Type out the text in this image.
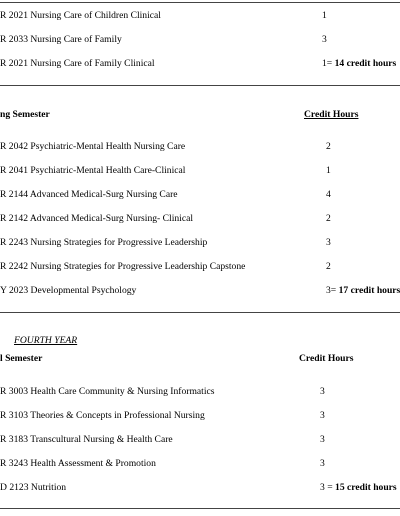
R 2021 Nursing Care of Children Clinical	1
R 2033 Nursing Care of Family	3
R 2021 Nursing Care of Family Clinical	1= 14 credit hours
ng Semester	Credit Hours
R 2042 Psychiatric-Mental Health Nursing Care	2
R 2041 Psychiatric-Mental Health Care-Clinical	1
R 2144 Advanced Medical-Surg Nursing Care	4
R 2142 Advanced Medical-Surg Nursing- Clinical	2
R 2243 Nursing Strategies for Progressive Leadership	3
R 2242 Nursing Strategies for Progressive Leadership Capstone	2
Y 2023 Developmental Psychology	3= 17 credit hours
FOURTH YEAR
l Semester	Credit Hours
R 3003 Health Care Community & Nursing Informatics	3
R 3103 Theories & Concepts in Professional Nursing	3
R 3183 Transcultural Nursing & Health Care	3
R 3243 Health Assessment & Promotion	3
D 2123 Nutrition	3 = 15 credit hours
